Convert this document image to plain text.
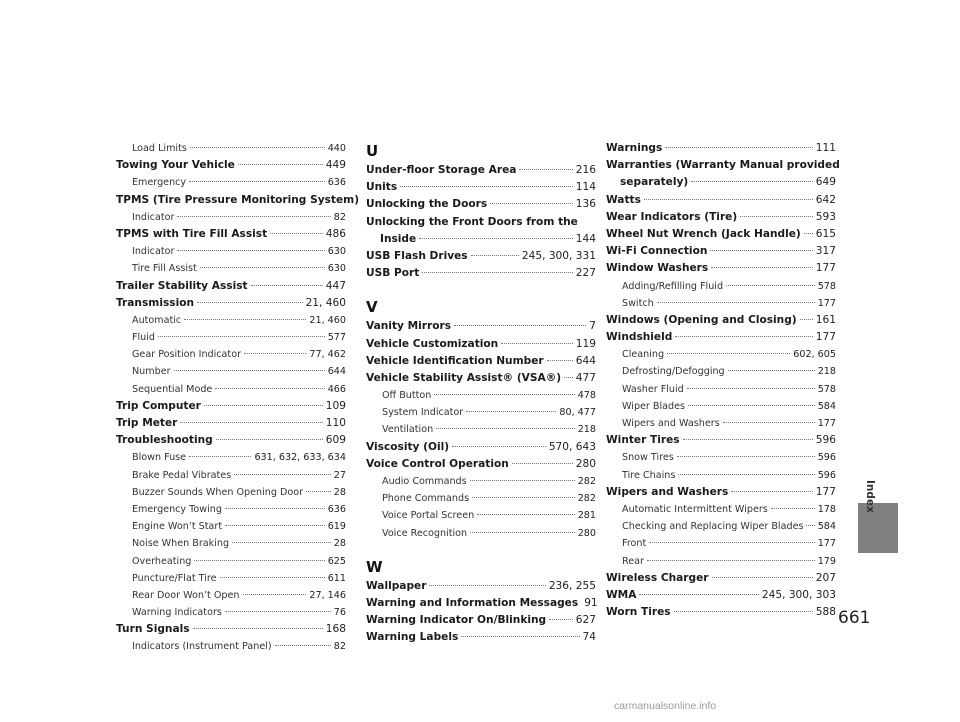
Load Limits	440
Towing Your Vehicle	449
Emergency	636
TPMS (Tire Pressure Monitoring System)
Indicator	82
TPMS with Tire Fill Assist	486
Indicator	630
Tire Fill Assist	630
Trailer Stability Assist	447
Transmission	21, 460
Automatic	21, 460
Fluid	577
Gear Position Indicator	77, 462
Number	644
Sequential Mode	466
Trip Computer	109
Trip Meter	110
Troubleshooting	609
Blown Fuse	631, 632, 633, 634
Brake Pedal Vibrates	27
Buzzer Sounds When Opening Door	28
Emergency Towing	636
Engine Won’t Start	619
Noise When Braking	28
Overheating	625
Puncture/Flat Tire	611
Rear Door Won’t Open	27, 146
Warning Indicators	76
Turn Signals	168
Indicators (Instrument Panel)	82
U
Under-floor Storage Area	216
Units	114
Unlocking the Doors	136
Unlocking the Front Doors from the
Inside	144
USB Flash Drives	245, 300, 331
USB Port	227
V
Vanity Mirrors	7
Vehicle Customization	119
Vehicle Identification Number	644
Vehicle Stability Assist® (VSA®) 477
Off Button	478
System Indicator	80, 477
Ventilation	218
Viscosity (Oil)	570, 643
Voice Control Operation	280
Audio Commands	282
Phone Commands	282
Voice Portal Screen	281
Voice Recognition	280
W
Wallpaper	236, 255
Warning and Information Messages 91
Warning Indicator On/Blinking	627
Warning Labels	74
Warnings	111
Warranties (Warranty Manual provided
separately)	649
Watts	642
Wear Indicators (Tire)	593
Wheel Nut Wrench (Jack Handle) 615
Wi-Fi Connection	317
Window Washers	177
Adding/Refilling Fluid	578
Switch	177
Windows (Opening and Closing) 161
Windshield	177
Cleaning	602, 605
Defrosting/Defogging	218
Washer Fluid	578
Wiper Blades	584
Wipers and Washers	177
Winter Tires	596
Snow Tires	596
Tire Chains	596
Wipers and Washers	177
Automatic Intermittent Wipers	178
Checking and Replacing Wiper Blades 584
Front	177
Rear	179
Wireless Charger	207
WMA	245, 300, 303
Worn Tires	588
Index
661
carmanualsonline.info
